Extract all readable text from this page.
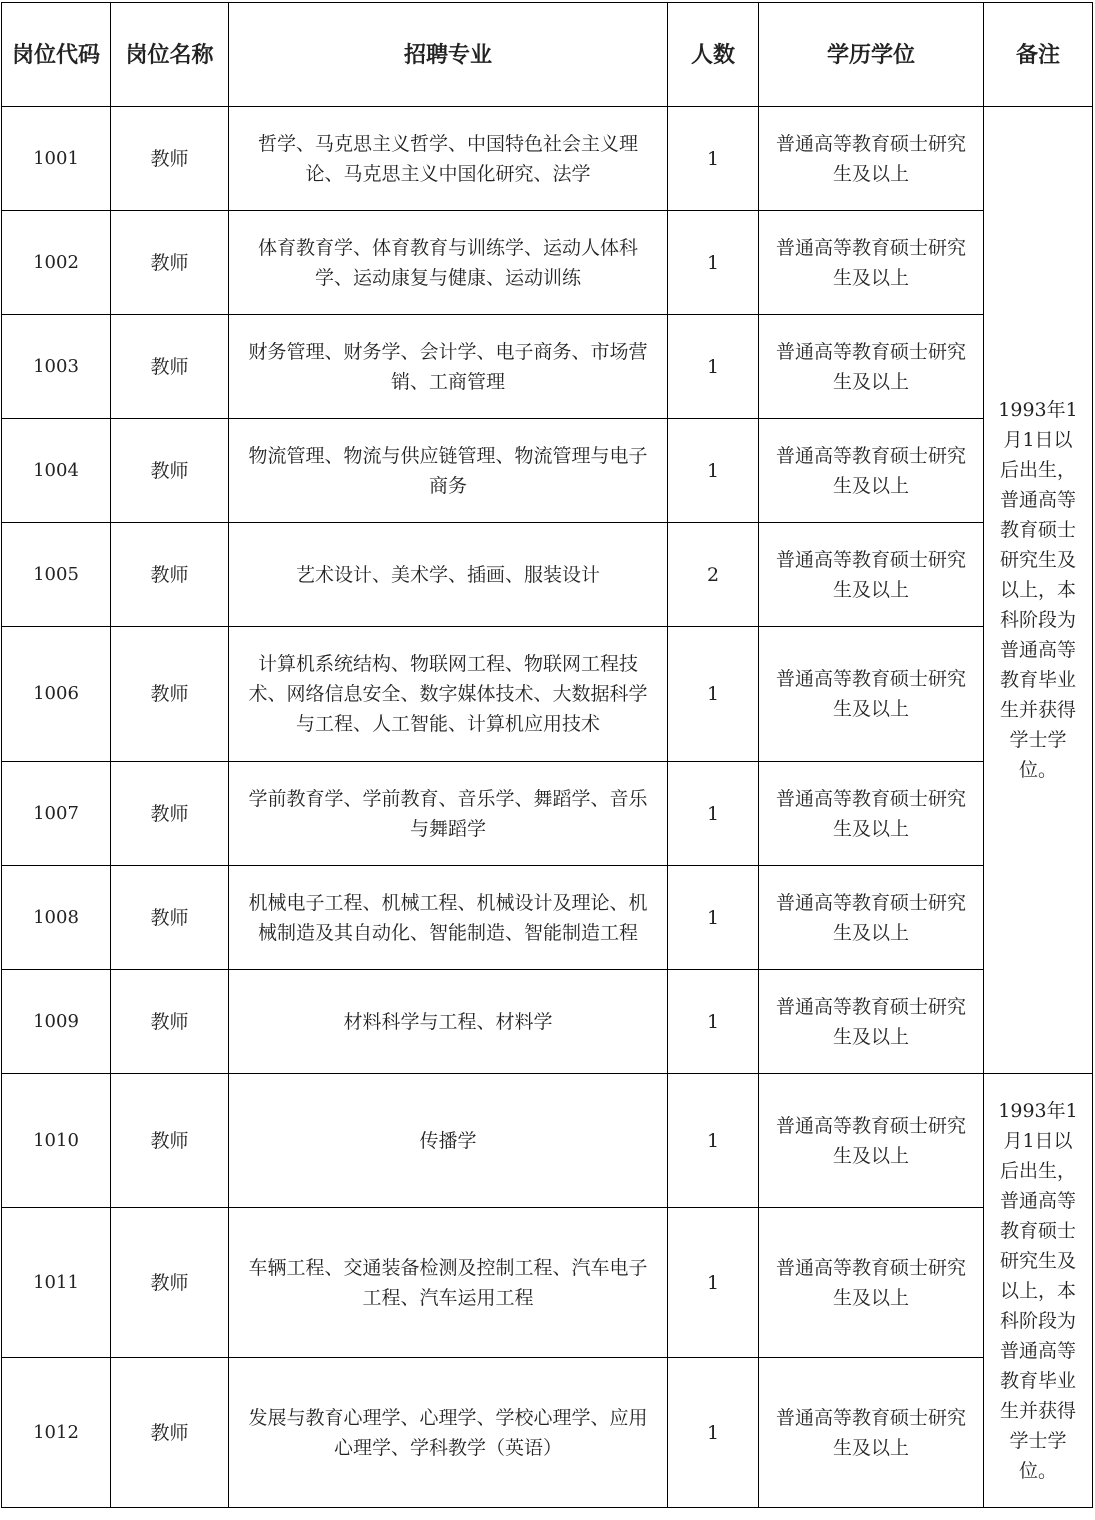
岗位代码	岗位名称	招聘专业	人数	学历学位	备注
1001	教师	哲学、马克思主义哲学、中国特色社会主义理论、马克思主义中国化研究、法学	1	普通高等教育硕士研究生及以上	1993年1月1日以后出生，普通高等教育硕士研究生及以上，本科阶段为普通高等教育毕业生并获得学士学位。
1002	教师	体育教育学、体育教育与训练学、运动人体科学、运动康复与健康、运动训练	1	普通高等教育硕士研究生及以上	
1003	教师	财务管理、财务学、会计学、电子商务、市场营销、工商管理	1	普通高等教育硕士研究生及以上	
1004	教师	物流管理、物流与供应链管理、物流管理与电子商务	1	普通高等教育硕士研究生及以上	
1005	教师	艺术设计、美术学、插画、服装设计	2	普通高等教育硕士研究生及以上	
1006	教师	计算机系统结构、物联网工程、物联网工程技术、网络信息安全、数字媒体技术、大数据科学与工程、人工智能、计算机应用技术	1	普通高等教育硕士研究生及以上	
1007	教师	学前教育学、学前教育、音乐学、舞蹈学、音乐与舞蹈学	1	普通高等教育硕士研究生及以上	
1008	教师	机械电子工程、机械工程、机械设计及理论、机械制造及其自动化、智能制造、智能制造工程	1	普通高等教育硕士研究生及以上	
1009	教师	材料科学与工程、材料学	1	普通高等教育硕士研究生及以上	
1010	教师	传播学	1	普通高等教育硕士研究生及以上	1993年1月1日以后出生，普通高等教育硕士研究生及以上，本科阶段为普通高等教育毕业生并获得学士学位。
1011	教师	车辆工程、交通装备检测及控制工程、汽车电子工程、汽车运用工程	1	普通高等教育硕士研究生及以上	
1012	教师	发展与教育心理学、心理学、学校心理学、应用心理学、学科教学（英语）	1	普通高等教育硕士研究生及以上	
